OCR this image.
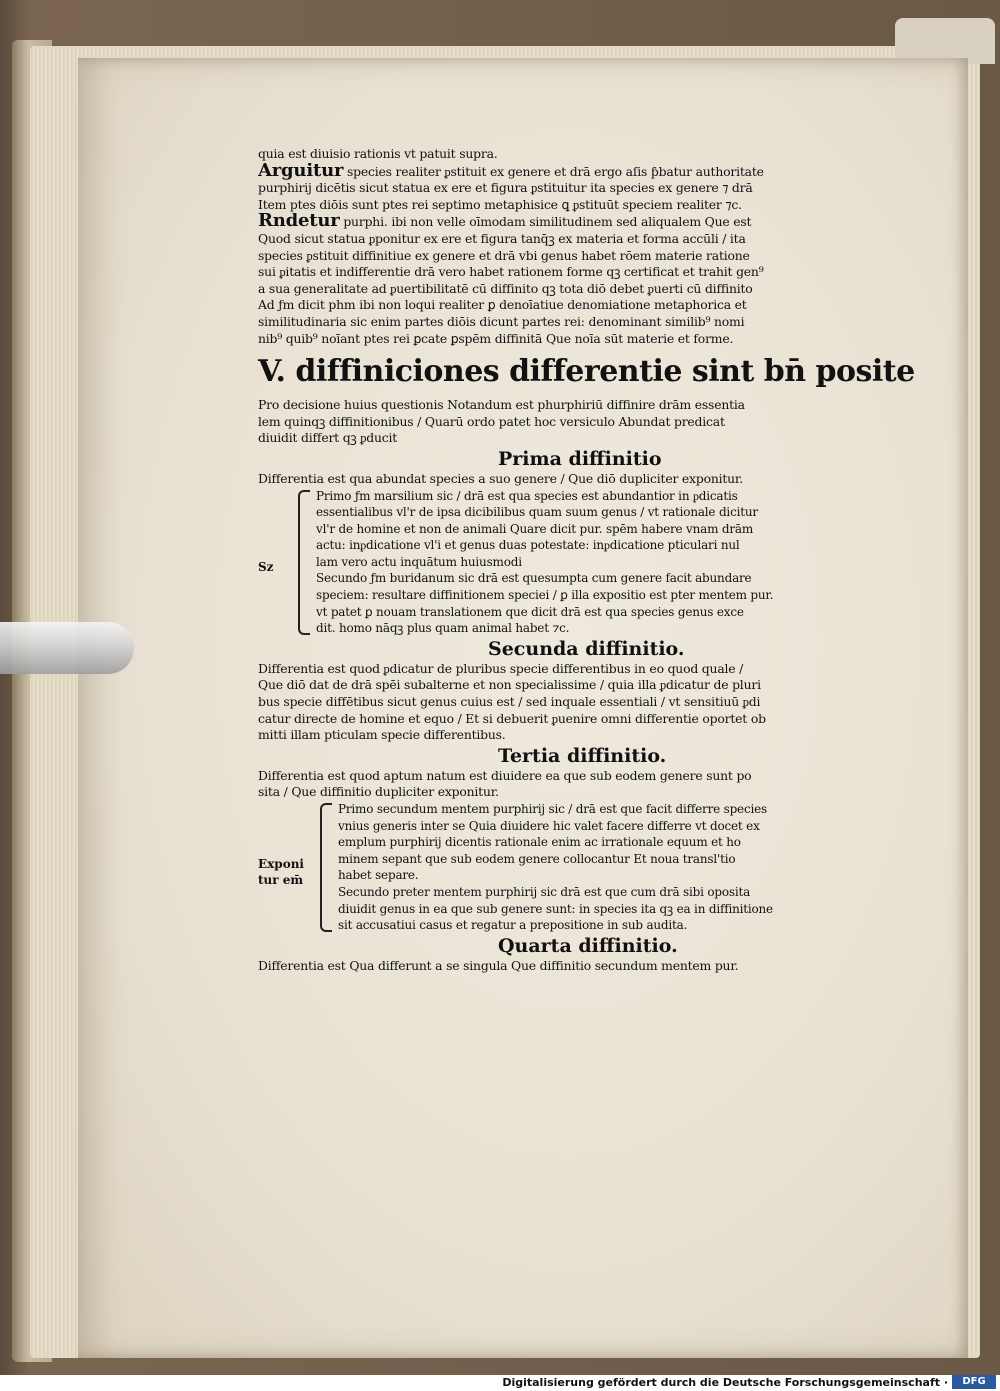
quia est diuisio rationis vt patuit supra.
Arguitur species realiter ᵱstituit ex genere et drā ergo aſis ƥbatur authoritate
purphirij dicētis sicut statua ex ere et figura ᵱstituitur ita species ex genere ⁊ drā
Item ptes diōis sunt ptes rei septimo metaphisice ꝗ ᵱstituūt speciem realiter ⁊c.
Rndetur purphi. ibi non velle oīmodam similitudinem sed aliqualem Que est
Quod sicut statua ᵱponitur ex ere et figura tanq̄ꝫ ex materia et forma accūli / ita
species ᵱstituit diffinitiue ex genere et drā vbi genus habet rōem materie ratione
sui ᵱitatis et indifferentie drā vero habet rationem forme qꝫ certificat et trahit gen⁹
a sua generalitate ad ᵱuertibilitatē cū diffinito qꝫ tota diō debet ᵱuerti cū diffinito
Ad ƒm dicit phm ibi non loqui realiter ꝑ denoīatiue denomiatione metaphorica et
similitudinaria sic enim partes diōis dicunt partes rei: denominant similib⁹ nomi
nib⁹ quib⁹ noīant ptes rei ꝑcate ꝑspēm diffinitā Que noīa sūt materie et forme.
V. diffiniciones differentie sint bn̄ posite
Pro decisione huius questionis Notandum est phurphiriū diffinire drām essentia
lem quinqꝫ diffinitionibus / Quarū ordo patet hoc versiculo Abundat predicat
diuidit differt qꝫ ᵱducit
Prima diffinitio
Differentia est qua abundat species a suo genere / Que diō dupliciter exponitur.
Sz
Primo ƒm marsilium sic / drā est qua species est abundantior in ᵱdicatis
essentialibus vl'r de ipsa dicibilibus quam suum genus / vt rationale dicitur
vl'r de homine et non de animali Quare dicit pur. spēm habere vnam drām
actu: inᵱdicatione vl'i et genus duas potestate: inᵱdicatione pticulari nul
lam vero actu inquātum huiusmodi
Secundo ƒm buridanum sic drā est quesumpta cum genere facit abundare
speciem: resultare diffinitionem speciei / ꝑ illa expositio est pter mentem pur.
vt patet ꝑ nouam translationem que dicit drā est qua species genus exce
dit. homo nāqꝫ plus quam animal habet ⁊c.
Secunda diffinitio.
Differentia est quod ᵱdicatur de pluribus specie differentibus in eo quod quale /
Que diō dat de drā spēi subalterne et non specialissime / quia illa ᵱdicatur de pluri
bus specie diffētibus sicut genus cuius est / sed inquale essentiali / vt sensitiuū ᵱdi
catur directe de homine et equo / Et si debuerit ᵱuenire omni differentie oportet ob
mitti illam pticulam specie differentibus.
Tertia diffinitio.
Differentia est quod aptum natum est diuidere ea que sub eodem genere sunt po
sita / Que diffinitio dupliciter exponitur.
Exponi
tur em̄
Primo secundum mentem purphirij sic / drā est que facit differre species
vnius generis inter se Quia diuidere hic valet facere differre vt docet ex
emplum purphirij dicentis rationale enim ac irrationale equum et ho
minem sepant que sub eodem genere collocantur Et noua transl'tio
habet separe.
Secundo preter mentem purphirij sic drā est que cum drā sibi oposita
diuidit genus in ea que sub genere sunt: in species ita qꝫ ea in diffinitione
sit accusatiui casus et regatur a prepositione in sub audita.
Quarta diffinitio.
Differentia est Qua differunt a se singula Que diffinitio secundum mentem pur.
Digitalisierung gefördert durch die Deutsche Forschungsgemeinschaft ·	DFG
